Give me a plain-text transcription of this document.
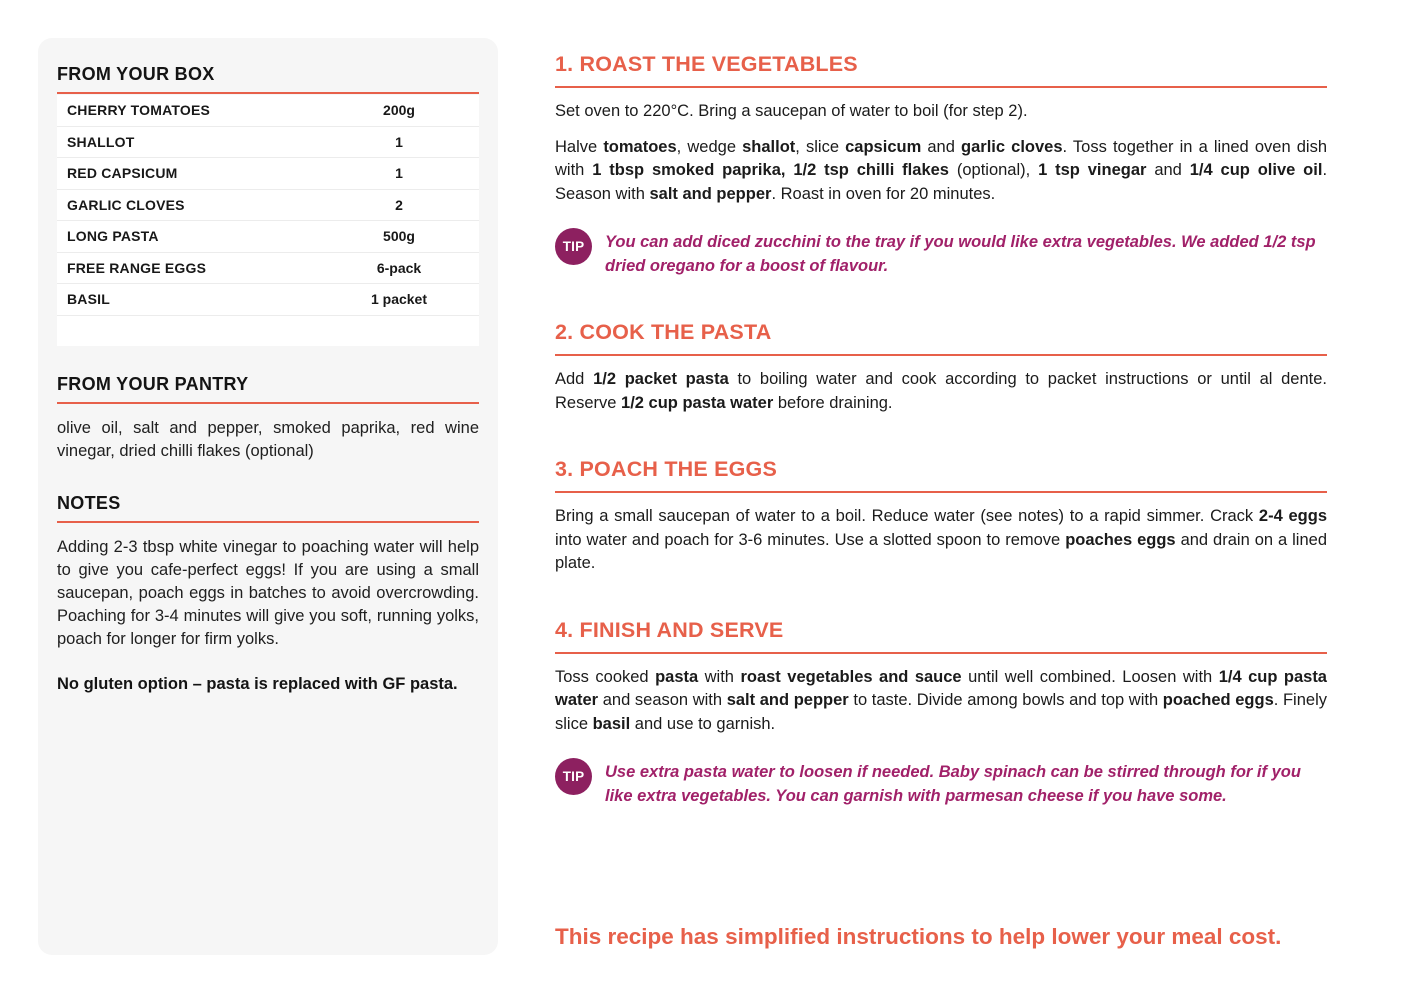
FROM YOUR BOX
CHERRY TOMATOES	200g
SHALLOT	1
RED CAPSICUM	1
GARLIC CLOVES	2
LONG PASTA	500g
FREE RANGE EGGS	6-pack
BASIL	1 packet
FROM YOUR PANTRY

olive oil, salt and pepper, smoked paprika, red wine vinegar, dried chilli flakes (optional)

NOTES

Adding 2-3 tbsp white vinegar to poaching water will help to give you cafe-perfect eggs! If you are using a small saucepan, poach eggs in batches to avoid overcrowding. Poaching for 3-4 minutes will give you soft, running yolks, poach for longer for firm yolks.

No gluten option – pasta is replaced with GF pasta.

1. ROAST THE VEGETABLES

Set oven to 220°C. Bring a saucepan of water to boil (for step 2).

Halve tomatoes, wedge shallot, slice capsicum and garlic cloves. Toss together in a lined oven dish with 1 tbsp smoked paprika, 1/2 tsp chilli flakes (optional), 1 tsp vinegar and 1/4 cup olive oil. Season with salt and pepper. Roast in oven for 20 minutes.

TIP	You can add diced zucchini to the tray if you would like extra vegetables. We added 1/2 tsp dried oregano for a boost of flavour.

2. COOK THE PASTA

Add 1/2 packet pasta to boiling water and cook according to packet instructions or until al dente. Reserve 1/2 cup pasta water before draining.

3. POACH THE EGGS

Bring a small saucepan of water to a boil. Reduce water (see notes) to a rapid simmer. Crack 2-4 eggs into water and poach for 3-6 minutes. Use a slotted spoon to remove poaches eggs and drain on a lined plate.

4. FINISH AND SERVE

Toss cooked pasta with roast vegetables and sauce until well combined. Loosen with 1/4 cup pasta water and season with salt and pepper to taste. Divide among bowls and top with poached eggs. Finely slice basil and use to garnish.

TIP	Use extra pasta water to loosen if needed. Baby spinach can be stirred through for if you like extra vegetables. You can garnish with parmesan cheese if you have some.

This recipe has simplified instructions to help lower your meal cost.
